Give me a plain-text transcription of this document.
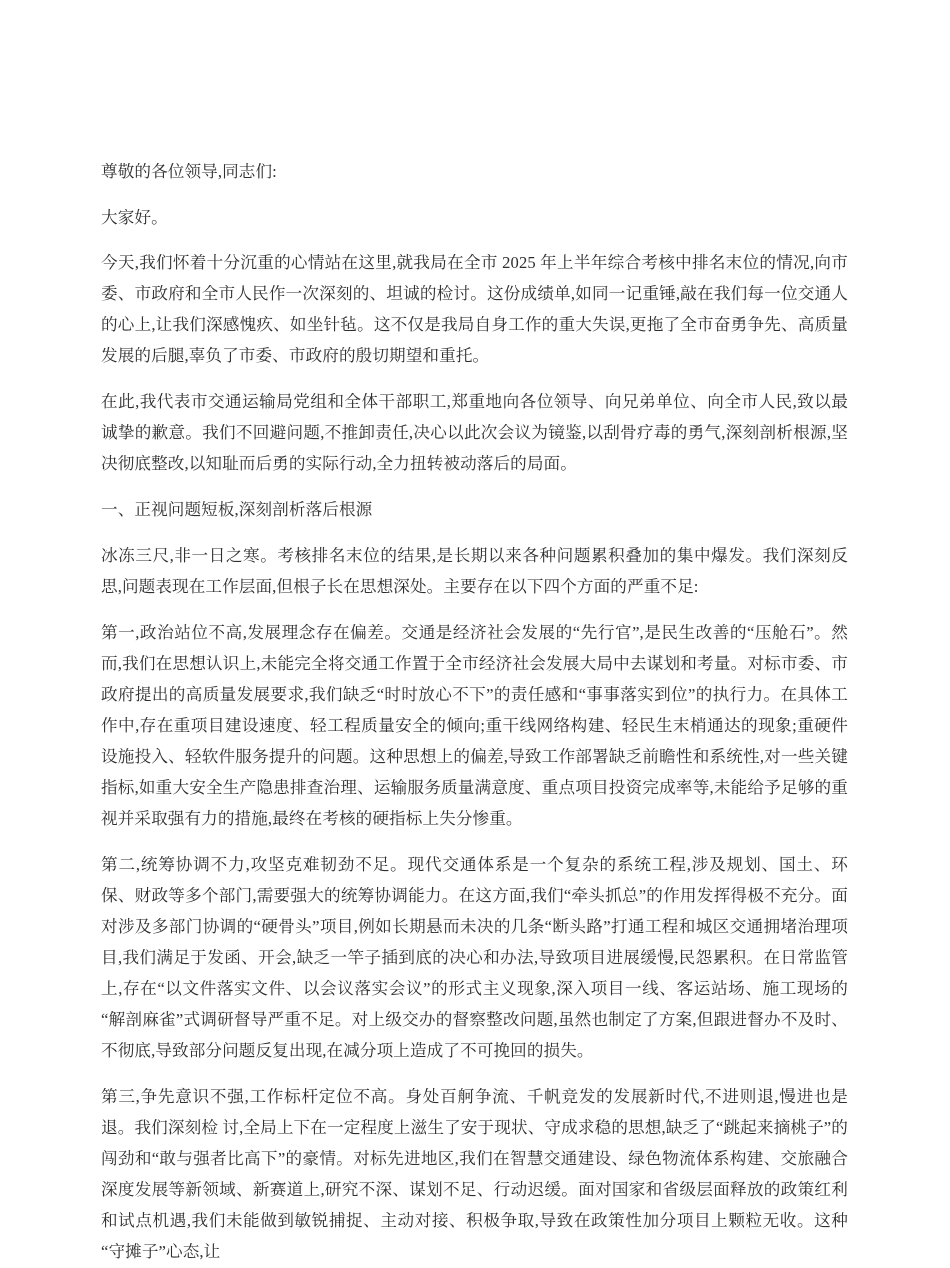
尊敬的各位领导,同志们:

大家好。

今天,我们怀着十分沉重的心情站在这里,就我局在全市 2025 年上半年综合考核中排名末位的情况,向市委、市政府和全市人民作一次深刻的、坦诚的检讨。这份成绩单,如同一记重锤,敲在我们每一位交通人的心上,让我们深感愧疚、如坐针毡。这不仅是我局自身工作的重大失误,更拖了全市奋勇争先、高质量发展的后腿,辜负了市委、市政府的殷切期望和重托。

在此,我代表市交通运输局党组和全体干部职工,郑重地向各位领导、向兄弟单位、向全市人民,致以最诚挚的歉意。我们不回避问题,不推卸责任,决心以此次会议为镜鉴,以刮骨疗毒的勇气,深刻剖析根源,坚决彻底整改,以知耻而后勇的实际行动,全力扭转被动落后的局面。

一、正视问题短板,深刻剖析落后根源

冰冻三尺,非一日之寒。考核排名末位的结果,是长期以来各种问题累积叠加的集中爆发。我们深刻反思,问题表现在工作层面,但根子长在思想深处。主要存在以下四个方面的严重不足:

第一,政治站位不高,发展理念存在偏差。交通是经济社会发展的“先行官”,是民生改善的“压舱石”。然而,我们在思想认识上,未能完全将交通工作置于全市经济社会发展大局中去谋划和考量。对标市委、市政府提出的高质量发展要求,我们缺乏“时时放心不下”的责任感和“事事落实到位”的执行力。在具体工作中,存在重项目建设速度、轻工程质量安全的倾向;重干线网络构建、轻民生末梢通达的现象;重硬件设施投入、轻软件服务提升的问题。这种思想上的偏差,导致工作部署缺乏前瞻性和系统性,对一些关键指标,如重大安全生产隐患排查治理、运输服务质量满意度、重点项目投资完成率等,未能给予足够的重视并采取强有力的措施,最终在考核的硬指标上失分惨重。

第二,统筹协调不力,攻坚克难韧劲不足。现代交通体系是一个复杂的系统工程,涉及规划、国土、环保、财政等多个部门,需要强大的统筹协调能力。在这方面,我们“牵头抓总”的作用发挥得极不充分。面对涉及多部门协调的“硬骨头”项目,例如长期悬而未决的几条“断头路”打通工程和城区交通拥堵治理项目,我们满足于发函、开会,缺乏一竿子插到底的决心和办法,导致项目进展缓慢,民怨累积。在日常监管上,存在“以文件落实文件、以会议落实会议”的形式主义现象,深入项目一线、客运站场、施工现场的“解剖麻雀”式调研督导严重不足。对上级交办的督察整改问题,虽然也制定了方案,但跟进督办不及时、不彻底,导致部分问题反复出现,在减分项上造成了不可挽回的损失。

第三,争先意识不强,工作标杆定位不高。身处百舸争流、千帆竞发的发展新时代,不进则退,慢进也是退。我们深刻检 讨,全局上下在一定程度上滋生了安于现状、守成求稳的思想,缺乏了“跳起来摘桃子”的闯劲和“敢与强者比高下”的豪情。对标先进地区,我们在智慧交通建设、绿色物流体系构建、交旅融合深度发展等新领域、新赛道上,研究不深、谋划不足、行动迟缓。面对国家和省级层面释放的政策红利和试点机遇,我们未能做到敏锐捕捉、主动对接、积极争取,导致在政策性加分项目上颗粒无收。这种“守摊子”心态,让
